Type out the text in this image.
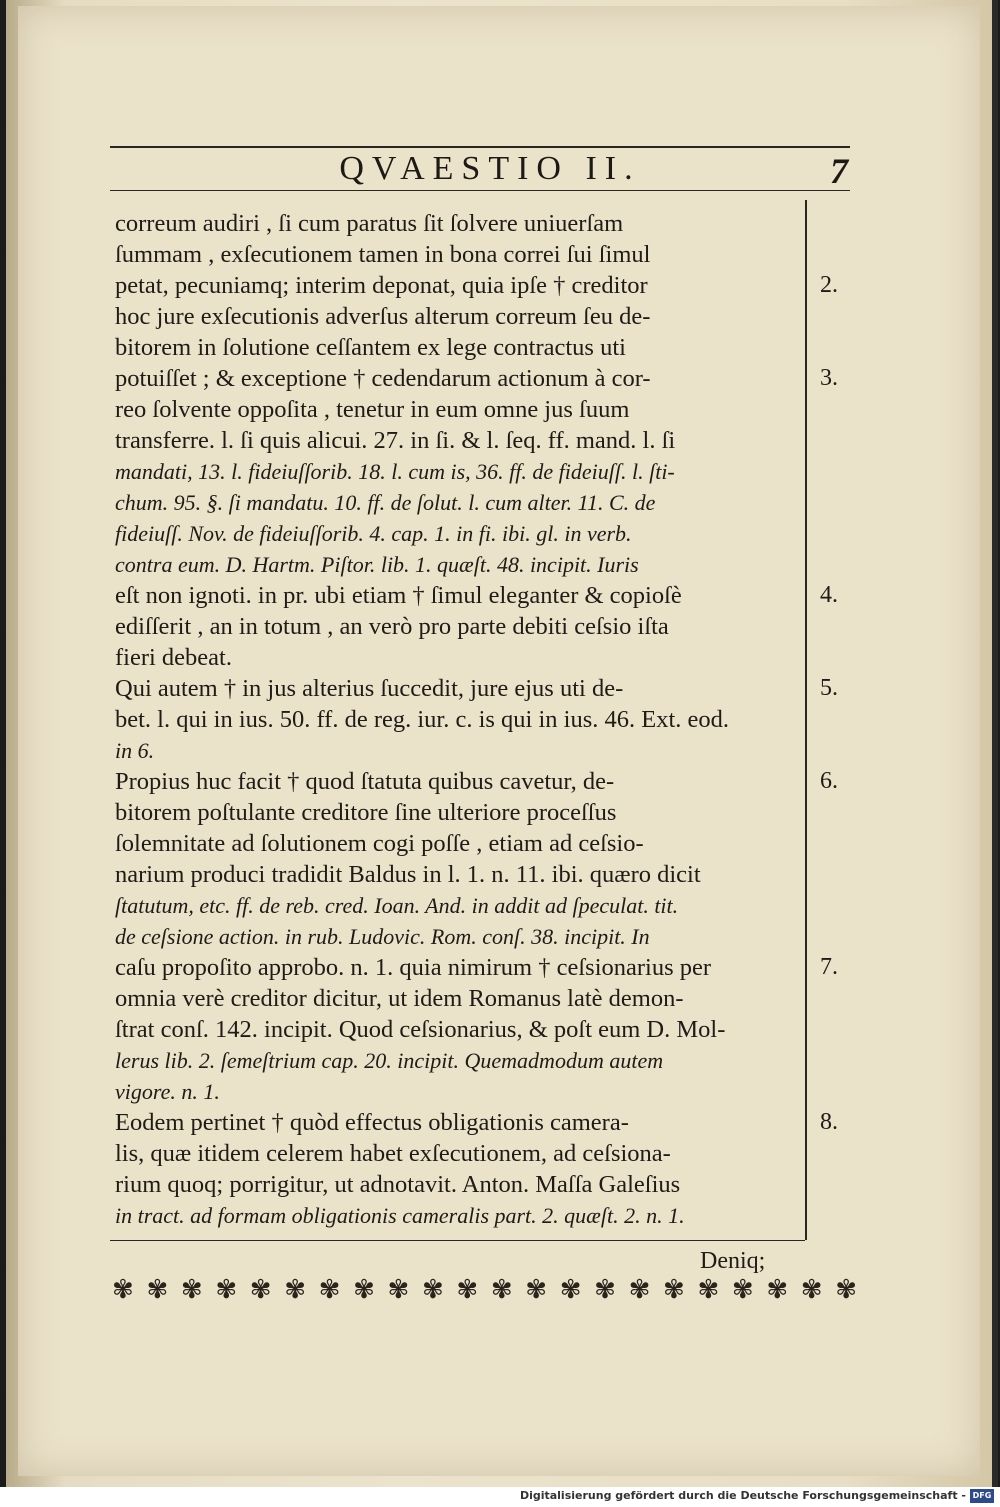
QVAESTIO II.	7
correum audiri , ſi cum paratus ſit ſolvere uniuerſam
ſummam , exſecutionem tamen in bona correi ſui ſimul
petat, pecuniamq; interim deponat, quia ipſe † creditor
hoc jure exſecutionis adverſus alterum correum ſeu de-
bitorem in ſolutione ceſſantem ex lege contractus uti
potuiſſet ; & exceptione † cedendarum actionum à cor-
reo ſolvente oppoſita , tenetur in eum omne jus ſuum
transferre. l. ſi quis alicui. 27. in ſi. & l. ſeq. ff. mand. l. ſi
mandati, 13. l. fideiuſſorib. 18. l. cum is, 36. ff. de fideiuſſ. l. ſti-
chum. 95. §. ſi mandatu. 10. ff. de ſolut. l. cum alter. 11. C. de
fideiuſſ. Nov. de fideiuſſorib. 4. cap. 1. in fi. ibi. gl. in verb.
contra eum. D. Hartm. Piſtor. lib. 1. quæſt. 48. incipit. Iuris
eſt non ignoti. in pr. ubi etiam † ſimul eleganter & copioſè
ediſſerit , an in totum , an verò pro parte debiti ceſsio iſta
fieri debeat.
Qui autem † in jus alterius ſuccedit, jure ejus uti de-
bet. l. qui in ius. 50. ff. de reg. iur. c. is qui in ius. 46. Ext. eod.
in 6.
Propius huc facit † quod ſtatuta quibus cavetur, de-
bitorem poſtulante creditore ſine ulteriore proceſſus
ſolemnitate ad ſolutionem cogi poſſe , etiam ad ceſsio-
narium produci tradidit Baldus in l. 1. n. 11. ibi. quæro dicit
ſtatutum, etc. ff. de reb. cred. Ioan. And. in addit ad ſpeculat. tit.
de ceſsione action. in rub. Ludovic. Rom. conſ. 38. incipit. In
caſu propoſito approbo. n. 1. quia nimirum † ceſsionarius per
omnia verè creditor dicitur, ut idem Romanus latè demon-
ſtrat conſ. 142. incipit. Quod ceſsionarius, & poſt eum D. Mol-
lerus lib. 2. ſemeſtrium cap. 20. incipit. Quemadmodum autem
vigore. n. 1.
Eodem pertinet † quòd effectus obligationis camera-
lis, quæ itidem celerem habet exſecutionem, ad ceſsiona-
rium quoq; porrigitur, ut adnotavit. Anton. Maſſa Galeſius
in tract. ad formam obligationis cameralis part. 2. quæſt. 2. n. 1.
2.
3.
4.
5.
6.
7.
8.
Deniq;
✾ ✾ ✾ ✾ ✾ ✾ ✾ ✾ ✾ ✾ ✾ ✾ ✾ ✾ ✾ ✾ ✾ ✾ ✾ ✾ ✾ ✾
Digitalisierung gefördert durch die Deutsche Forschungsgemeinschaft - DFG
